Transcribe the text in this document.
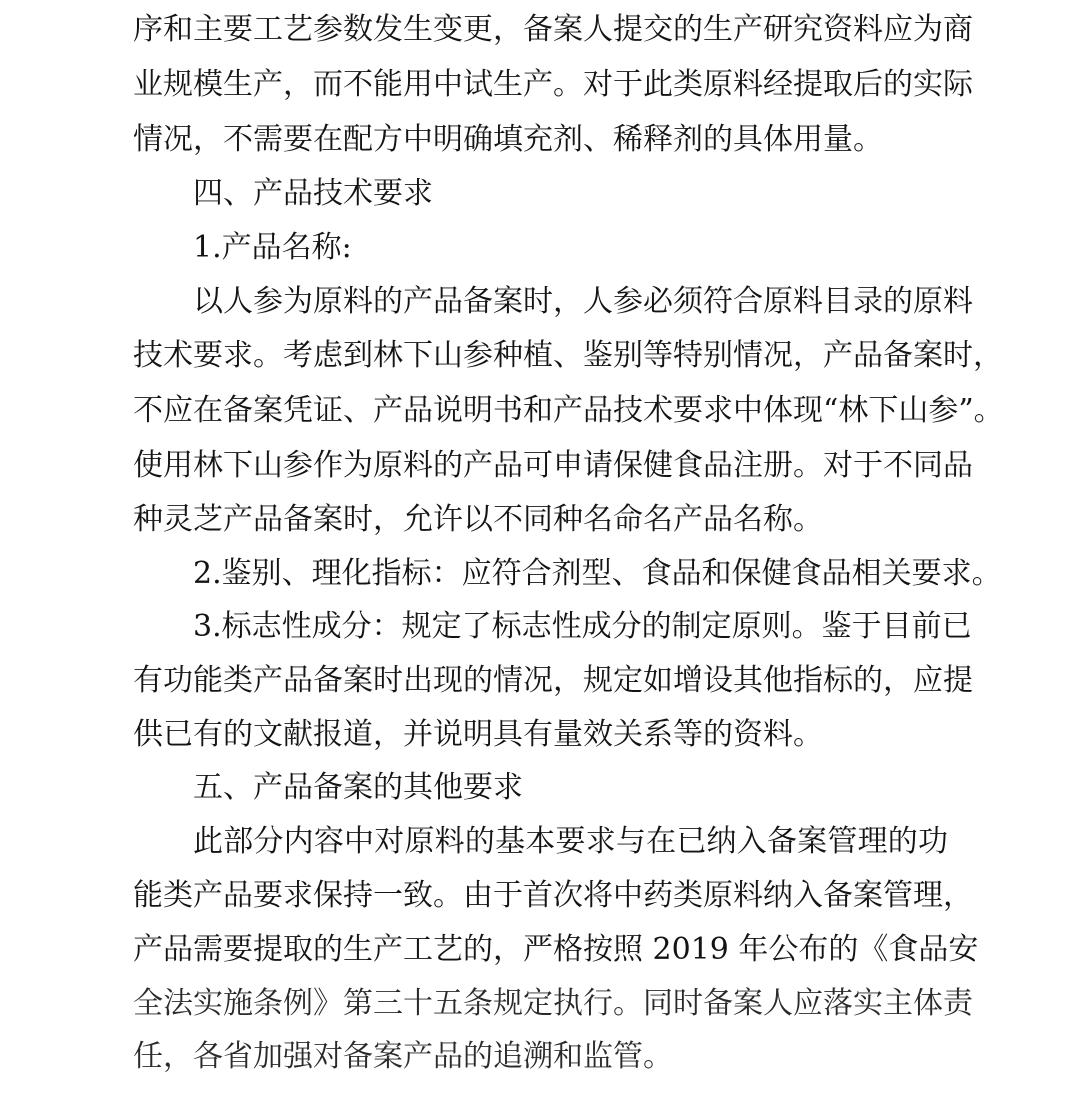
序和主要工艺参数发生变更，备案人提交的生产研究资料应为商
业规模生产，而不能用中试生产。对于此类原料经提取后的实际
情况，不需要在配方中明确填充剂、稀释剂的具体用量。
四、产品技术要求
1.产品名称:
以人参为原料的产品备案时，人参必须符合原料目录的原料
技术要求。考虑到林下山参种植、鉴别等特别情况，产品备案时，
不应在备案凭证、产品说明书和产品技术要求中体现“林下山参”。
使用林下山参作为原料的产品可申请保健食品注册。对于不同品
种灵芝产品备案时，允许以不同种名命名产品名称。
2.鉴别、理化指标：应符合剂型、食品和保健食品相关要求。
3.标志性成分：规定了标志性成分的制定原则。鉴于目前已
有功能类产品备案时出现的情况，规定如增设其他指标的，应提
供已有的文献报道，并说明具有量效关系等的资料。
五、产品备案的其他要求
此部分内容中对原料的基本要求与在已纳入备案管理的功
能类产品要求保持一致。由于首次将中药类原料纳入备案管理，
产品需要提取的生产工艺的，严格按照 2019 年公布的《食品安
全法实施条例》第三十五条规定执行。同时备案人应落实主体责
任，各省加强对备案产品的追溯和监管。
